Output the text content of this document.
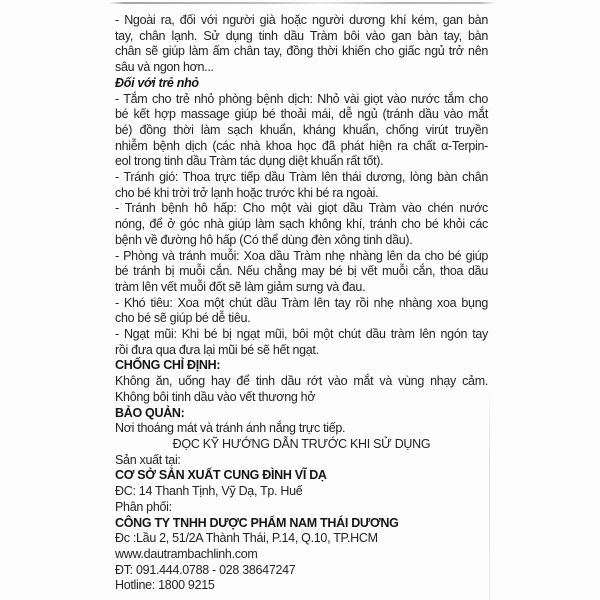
- Ngoài ra, đối với người già hoặc người dương khí kém, gan bàn
tay, chân lạnh. Sử dụng tinh dầu Tràm bôi vào gan bàn tay, bàn
chân sẽ giúp làm ấm chân tay, đồng thời khiến cho giấc ngủ trở nên
sâu và ngon hơn...
Đối với trẻ nhỏ
- Tắm cho trẻ nhỏ phòng bệnh dịch: Nhỏ vài giọt vào nước tắm cho
bé kết hợp massage giúp bé thoải mái, dễ ngủ (tránh dầu vào mắt
bé) đồng thời làm sạch khuẩn, kháng khuẩn, chống virút truyền
nhiễm bệnh dịch (các nhà khoa học đã phát hiện ra chất α-Terpin-
eol trong tinh dầu Tràm tác dụng diệt khuẩn rất tốt).
- Tránh gió: Thoa trực tiếp dầu Tràm lên thái dương, lòng bàn chân
cho bé khi trời trở lạnh hoặc trước khi bé ra ngoài.
- Tránh bệnh hô hấp: Cho một vài giọt dầu Tràm vào chén nước
nóng, để ở góc nhà giúp làm sạch không khí, tránh cho bé khỏi các
bệnh về đường hô hấp (Có thể dùng đèn xông tinh dầu).
- Phòng và tránh muỗi: Xoa dầu Tràm nhẹ nhàng lên da cho bé giúp
bé tránh bị muỗi cắn. Nếu chẳng may bé bị vết muỗi cắn, thoa dầu
tràm lên vết muỗi đốt sẽ làm giảm sưng và đau.
- Khó tiêu: Xoa một chút dầu Tràm lên tay rồi nhẹ nhàng xoa bụng
cho bé sẽ giúp bé dễ tiêu.
- Ngạt mũi: Khi bé bị ngạt mũi, bôi một chút dầu tràm lên ngón tay
rồi đưa qua đưa lại mũi bé sẽ hết ngạt.
CHỐNG CHỈ ĐỊNH:
Không ăn, uống hay để tinh dầu rớt vào mắt và vùng nhạy cảm.
Không bôi tinh dầu vào vết thương hở
BẢO QUẢN:
Nơi thoáng mát và tránh ánh nắng trực tiếp.
ĐỌC KỸ HƯỚNG DẪN TRƯỚC KHI SỬ DỤNG
Sản xuất tại:
CƠ SỞ SẢN XUẤT CUNG ĐÌNH VĨ DẠ
ĐC: 14 Thanh Tịnh, Vỹ Dạ, Tp. Huế
Phân phối:
CÔNG TY TNHH DƯỢC PHẨM NAM THÁI DƯƠNG
Đc :Lầu 2, 51/2A Thành Thái, P.14, Q.10, TP.HCM
www.dautrambachlinh.com
ĐT: 091.444.0788 - 028 38647247
Hotline: 1800 9215
